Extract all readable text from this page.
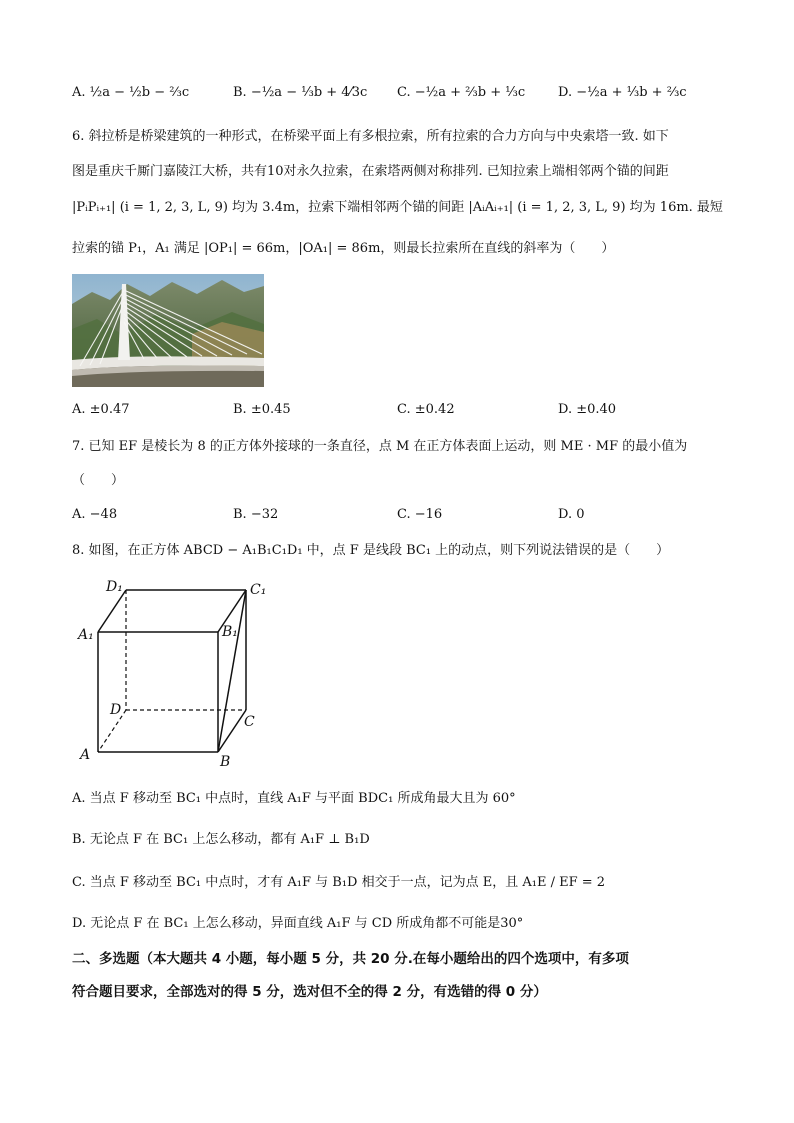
A. ½a − ½b − ⅔c	B. −½a − ⅓b + 4⁄3c C. −½a + ⅔b + ⅓c	D. −½a + ⅓b + ⅔c
6. 斜拉桥是桥梁建筑的一种形式，在桥梁平面上有多根拉索，所有拉索的合力方向与中央索塔一致. 如下
图是重庆千厮门嘉陵江大桥，共有10对永久拉索，在索塔两侧对称排列. 已知拉索上端相邻两个锚的间距
|PᵢPᵢ₊₁| (i = 1, 2, 3, L, 9) 均为 3.4m，拉索下端相邻两个锚的间距 |AᵢAᵢ₊₁| (i = 1, 2, 3, L, 9) 均为 16m. 最短
拉索的锚 P₁，A₁ 满足 |OP₁| = 66m，|OA₁| = 86m，则最长拉索所在直线的斜率为（　　）
A. ±0.47	B. ±0.45	C. ±0.42	D. ±0.40
7. 已知 EF 是棱长为 8 的正方体外接球的一条直径，点 M 在正方体表面上运动，则 ME · MF 的最小值为
（　　）
A. −48	B. −32	C. −16	D. 0
8. 如图，在正方体 ABCD − A₁B₁C₁D₁ 中，点 F 是线段 BC₁ 上的动点，则下列说法错误的是（　　）
D₁	C₁
A₁	B₁
D
C
A	B
A. 当点 F 移动至 BC₁ 中点时，直线 A₁F 与平面 BDC₁ 所成角最大且为 60°
B. 无论点 F 在 BC₁ 上怎么移动，都有 A₁F ⊥ B₁D
C. 当点 F 移动至 BC₁ 中点时，才有 A₁F 与 B₁D 相交于一点，记为点 E，且 A₁E / EF = 2
D. 无论点 F 在 BC₁ 上怎么移动，异面直线 A₁F 与 CD 所成角都不可能是30°
二、多选题（本大题共 4 小题，每小题 5 分，共 20 分.在每小题给出的四个选项中，有多项
符合题目要求，全部选对的得 5 分，选对但不全的得 2 分，有选错的得 0 分）
